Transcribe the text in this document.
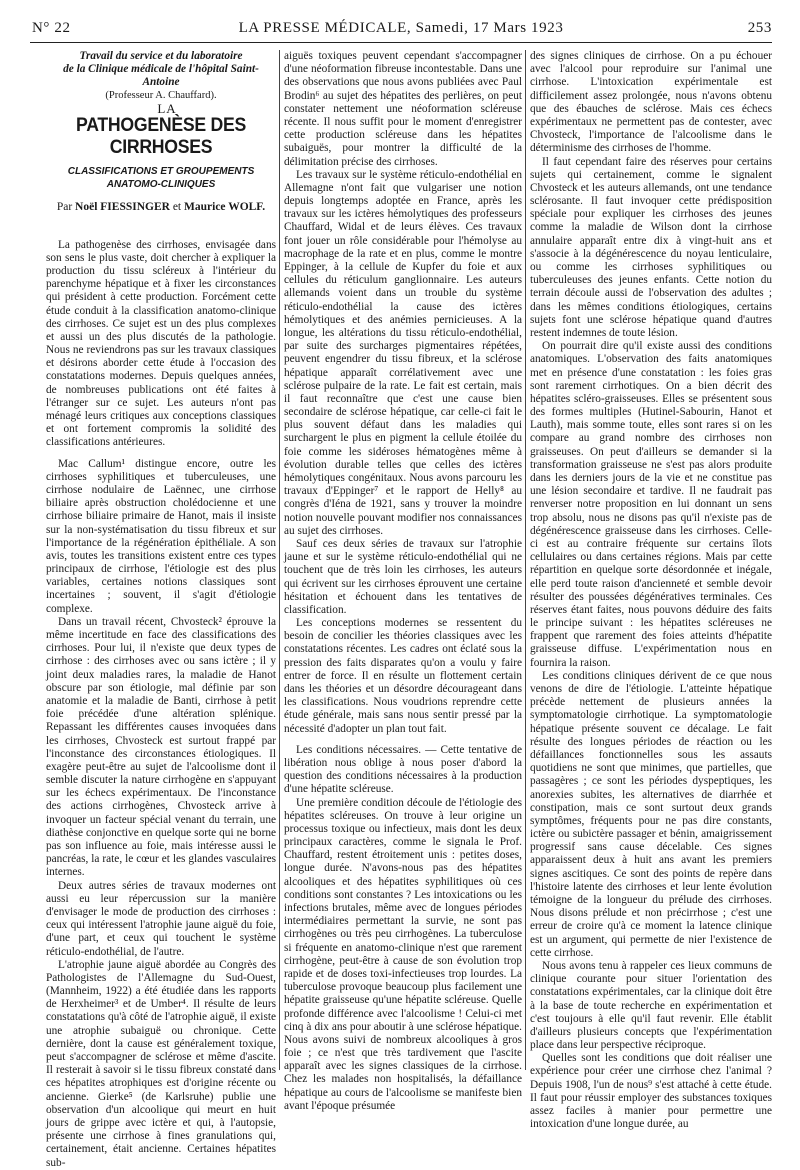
N° 22	LA PRESSE MÉDICALE, Samedi, 17 Mars 1923	253

Travail du service et du laboratoire

de la Clinique médicale de l'hôpital Saint-Antoine

(Professeur A. Chauffard).

LA

PATHOGENÈSE DES CIRRHOSES
CLASSIFICATIONS ET GROUPEMENTS
ANATOMO-CLINIQUES
Par Noël FIESSINGER et Maurice WOLF.

La pathogenèse des cirrhoses, envisagée dans son sens le plus vaste, doit chercher à expliquer la production du tissu scléreux à l'intérieur du parenchyme hépatique et à fixer les circonstances qui président à cette production. Forcément cette étude conduit à la classification anatomo-clinique des cirrhoses. Ce sujet est un des plus complexes et aussi un des plus discutés de la pathologie. Nous ne reviendrons pas sur les travaux classiques et désirons aborder cette étude à l'occasion des constatations modernes. Depuis quelques années, de nombreuses publications ont été faites à l'étranger sur ce sujet. Les auteurs n'ont pas ménagé leurs critiques aux conceptions classiques et ont fortement compromis la solidité des classifications antérieures.

Mac Callum¹ distingue encore, outre les cirrhoses syphilitiques et tuberculeuses, une cirrhose nodulaire de Laënnec, une cirrhose biliaire après obstruction cholédocienne et une cirrhose biliaire primaire de Hanot, mais il insiste sur la non-systématisation du tissu fibreux et sur l'importance de la régénération épithéliale. A son avis, toutes les transitions existent entre ces types principaux de cirrhose, l'étiologie est des plus variables, certaines notions classiques sont incertaines ; souvent, il s'agit d'étiologie complexe.

Dans un travail récent, Chvosteck² éprouve la même incertitude en face des classifications des cirrhoses. Pour lui, il n'existe que deux types de cirrhose : des cirrhoses avec ou sans ictère ; il y joint deux maladies rares, la maladie de Hanot obscure par son étiologie, mal définie par son anatomie et la maladie de Banti, cirrhose à petit foie précédée d'une altération splénique. Repassant les différentes causes invoquées dans les cirrhoses, Chvosteck est surtout frappé par l'inconstance des circonstances étiologiques. Il exagère peut-être au sujet de l'alcoolisme dont il semble discuter la nature cirrhogène en s'appuyant sur les échecs expérimentaux. De l'inconstance des actions cirrhogènes, Chvosteck arrive à invoquer un facteur spécial venant du terrain, une diathèse conjonctive en quelque sorte qui ne borne pas son influence au foie, mais intéresse aussi le pancréas, la rate, le cœur et les glandes vasculaires internes.

Deux autres séries de travaux modernes ont aussi eu leur répercussion sur la manière d'envisager le mode de production des cirrhoses : ceux qui intéressent l'atrophie jaune aiguë du foie, d'une part, et ceux qui touchent le système réticulo-endothélial, de l'autre.

L'atrophie jaune aiguë abordée au Congrès des Pathologistes de l'Allemagne du Sud-Ouest, (Mannheim, 1922) a été étudiée dans les rapports de Herxheimer³ et de Umber⁴. Il résulte de leurs constatations qu'à côté de l'atrophie aiguë, il existe une atrophie subaiguë ou chronique. Cette dernière, dont la cause est généralement toxique, peut s'accompagner de sclérose et même d'ascite. Il resterait à savoir si le tissu fibreux constaté dans ces hépatites atrophiques est d'origine récente ou ancienne. Gierke⁵ (de Karlsruhe) publie une observation d'un alcoolique qui meurt en huit jours de grippe avec ictère et qui, à l'autopsie, présente une cirrhose à fines granulations qui, certainement, était ancienne. Certaines hépatites sub-

aiguës toxiques peuvent cependant s'accompagner d'une néoformation fibreuse incontestable. Dans une des observations que nous avons publiées avec Paul Brodin⁶ au sujet des hépatites des perlières, on peut constater nettement une néoformation scléreuse récente. Il nous suffit pour le moment d'enregistrer cette production scléreuse dans les hépatites subaiguës, pour montrer la difficulté de la délimitation précise des cirrhoses.

Les travaux sur le système réticulo-endothélial en Allemagne n'ont fait que vulgariser une notion depuis longtemps adoptée en France, après les travaux sur les ictères hémolytiques des professeurs Chauffard, Widal et de leurs élèves. Ces travaux font jouer un rôle considérable pour l'hémolyse au macrophage de la rate et en plus, comme le montre Eppinger, à la cellule de Kupfer du foie et aux cellules du réticulum ganglionnaire. Les auteurs allemands voient dans un trouble du système réticulo-endothélial la cause des ictères hémolytiques et des anémies pernicieuses. A la longue, les altérations du tissu réticulo-endothélial, par suite des surcharges pigmentaires répétées, peuvent engendrer du tissu fibreux, et la sclérose hépatique apparaît corrélativement avec une sclérose pulpaire de la rate. Le fait est certain, mais il faut reconnaître que c'est une cause bien secondaire de sclérose hépatique, car celle-ci fait le plus souvent défaut dans les maladies qui surchargent le plus en pigment la cellule étoilée du foie comme les sidéroses hématogènes même à évolution durable telles que celles des ictères hémolytiques congénitaux. Nous avons parcouru les travaux d'Eppinger⁷ et le rapport de Helly⁸ au congrès d'Iéna de 1921, sans y trouver la moindre notion nouvelle pouvant modifier nos connaissances au sujet des cirrhoses.

Sauf ces deux séries de travaux sur l'atrophie jaune et sur le système réticulo-endothélial qui ne touchent que de très loin les cirrhoses, les auteurs qui écrivent sur les cirrhoses éprouvent une certaine hésitation et échouent dans les tentatives de classification.

Les conceptions modernes se ressentent du besoin de concilier les théories classiques avec les constatations récentes. Les cadres ont éclaté sous la pression des faits disparates qu'on a voulu y faire entrer de force. Il en résulte un flottement certain dans les théories et un désordre décourageant dans les classifications. Nous voudrions reprendre cette étude générale, mais sans nous sentir pressé par la nécessité d'adopter un plan tout fait.

Les conditions nécessaires. — Cette tentative de libération nous oblige à nous poser d'abord la question des conditions nécessaires à la production d'une hépatite scléreuse.

Une première condition découle de l'étiologie des hépatites scléreuses. On trouve à leur origine un processus toxique ou infectieux, mais dont les deux principaux caractères, comme le signala le Prof. Chauffard, restent étroitement unis : petites doses, longue durée. N'avons-nous pas des hépatites alcooliques et des hépatites syphilitiques où ces conditions sont constantes ? Les intoxications ou les infections brutales, même avec de longues périodes intermédiaires permettant la survie, ne sont pas cirrhogènes ou très peu cirrhogènes. La tuberculose si fréquente en anatomo-clinique n'est que rarement cirrhogène, peut-être à cause de son évolution trop rapide et de doses toxi-infectieuses trop lourdes. La tuberculose provoque beaucoup plus facilement une hépatite graisseuse qu'une hépatite scléreuse. Quelle profonde différence avec l'alcoolisme ! Celui-ci met cinq à dix ans pour aboutir à une sclérose hépatique. Nous avons suivi de nombreux alcooliques à gros foie ; ce n'est que très tardivement que l'ascite apparaît avec les signes classiques de la cirrhose. Chez les malades non hospitalisés, la défaillance hépatique au cours de l'alcoolisme se manifeste bien avant l'époque présumée

des signes cliniques de cirrhose. On a pu échouer avec l'alcool pour reproduire sur l'animal une cirrhose. L'intoxication expérimentale est difficilement assez prolongée, nous n'avons obtenu que des ébauches de sclérose. Mais ces échecs expérimentaux ne permettent pas de contester, avec Chvosteck, l'importance de l'alcoolisme dans le déterminisme des cirrhoses de l'homme.

Il faut cependant faire des réserves pour certains sujets qui certainement, comme le signalent Chvosteck et les auteurs allemands, ont une tendance sclérosante. Il faut invoquer cette prédisposition spéciale pour expliquer les cirrhoses des jeunes comme la maladie de Wilson dont la cirrhose annulaire apparaît entre dix à vingt-huit ans et s'associe à la dégénérescence du noyau lenticulaire, ou comme les cirrhoses syphilitiques ou tuberculeuses des jeunes enfants. Cette notion du terrain découle aussi de l'observation des adultes ; dans les mêmes conditions étiologiques, certains sujets font une sclérose hépatique quand d'autres restent indemnes de toute lésion.

On pourrait dire qu'il existe aussi des conditions anatomiques. L'observation des faits anatomiques met en présence d'une constatation : les foies gras sont rarement cirrhotiques. On a bien décrit des hépatites scléro-graisseuses. Elles se présentent sous des formes multiples (Hutinel-Sabourin, Hanot et Lauth), mais somme toute, elles sont rares si on les compare au grand nombre des cirrhoses non graisseuses. On peut d'ailleurs se demander si la transformation graisseuse ne s'est pas alors produite dans les derniers jours de la vie et ne constitue pas une lésion secondaire et tardive. Il ne faudrait pas renverser notre proposition en lui donnant un sens trop absolu, nous ne disons pas qu'il n'existe pas de dégénérescence graisseuse dans les cirrhoses. Celle-ci est au contraire fréquente sur certains îlots cellulaires ou dans certaines régions. Mais par cette répartition en quelque sorte désordonnée et inégale, elle perd toute raison d'ancienneté et semble devoir résulter des poussées dégénératives terminales. Ces réserves étant faites, nous pouvons déduire des faits le principe suivant : les hépatites scléreuses ne frappent que rarement des foies atteints d'hépatite graisseuse diffuse. L'expérimentation nous en fournira la raison.

Les conditions cliniques dérivent de ce que nous venons de dire de l'étiologie. L'atteinte hépatique précède nettement de plusieurs années la symptomatologie cirrhotique. La symptomatologie hépatique présente souvent ce décalage. Le fait résulte des longues périodes de réaction ou les défaillances fonctionnelles sous les assauts quotidiens ne sont que minimes, que partielles, que passagères ; ce sont les périodes dyspeptiques, les anorexies subites, les alternatives de diarrhée et constipation, mais ce sont surtout deux grands symptômes, fréquents pour ne pas dire constants, ictère ou subictère passager et bénin, amaigrissement progressif sans cause décelable. Ces signes apparaissent deux à huit ans avant les premiers signes ascitiques. Ce sont des points de repère dans l'histoire latente des cirrhoses et leur lente évolution témoigne de la longueur du prélude des cirrhoses. Nous disons prélude et non précirrhose ; c'est une erreur de croire qu'à ce moment la latence clinique est un argument, qui permette de nier l'existence de cette cirrhose.

Nous avons tenu à rappeler ces lieux communs de clinique courante pour situer l'orientation des constatations expérimentales, car la clinique doit être à la base de toute recherche en expérimentation et c'est toujours à elle qu'il faut revenir. Elle établit d'ailleurs plusieurs concepts que l'expérimentation place dans leur perspective réciproque.

Quelles sont les conditions que doit réaliser une expérience pour créer une cirrhose chez l'animal ? Depuis 1908, l'un de nous⁹ s'est attaché à cette étude. Il faut pour réussir employer des substances toxiques assez faciles à manier pour permettre une intoxication d'une longue durée, au
